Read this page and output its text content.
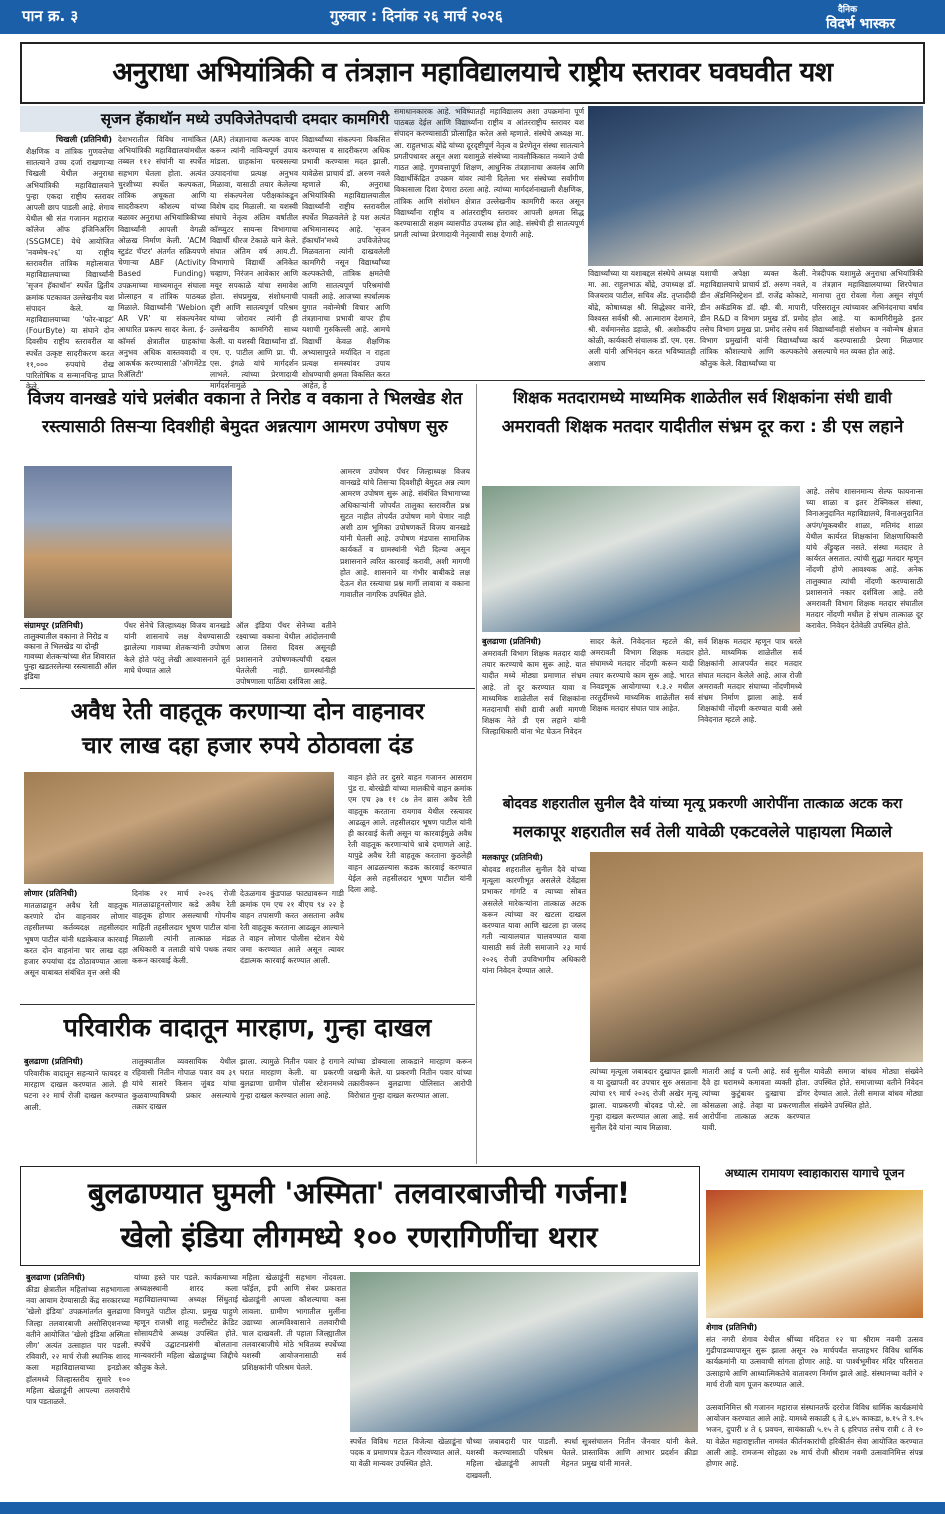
पान क्र. ३	गुरुवार : दिनांक २६ मार्च २०२६	दैनिक
विदर्भ भास्कर
अनुराधा अभियांत्रिकी व तंत्रज्ञान महाविद्यालयाचे राष्ट्रीय स्तरावर घवघवीत यश
सृजन हॅकाथॉन मध्ये उपविजेतेपदाची दमदार कामगिरी
चिखली (प्रतिनिधी)
शैक्षणिक व तांत्रिक गुणवत्तेचा सातत्याने उच्च दर्जा राखणाऱ्या चिखली येथील अनुराधा अभियांत्रिकी महाविद्यालयाने पुन्हा एकदा राष्ट्रीय स्तरावर आपली छाप पाडली आहे. शेगाव येथील श्री संत गजानन महाराज कॉलेज ऑफ इंजिनिअरिंग (SSGMCE) येथे आयोजित 'नवम्मेष-२६' या राष्ट्रीय स्तरावरील तांत्रिक महोत्सवात महाविद्यालयाच्या विद्यार्थ्यांनी 'सृजन हॅकाथॉन' स्पर्धेत द्वितीय क्रमांक पटकावत उल्लेखनीय यश संपादन केले. या महाविद्यालयाच्या 'फोर-बाइट' (FourByte) या संघाने दोन दिवसीय राष्ट्रीय स्तरावरील या स्पर्धेत उत्कृष्ट सादरीकरण करत ११,००० रुपयांचे रोख पारितोषिक व सन्मानचिन्ह प्राप्त केले.
देशभरातील विविध नामांकित अभियांत्रिकी महाविद्यालयांमधील तब्बल ११२ संघांनी या स्पर्धेत सहभाग घेतला होता. अत्यंत चुरशीच्या स्पर्धेत कल्पकता, तांत्रिक अचूकता आणि सादरीकरण कौशल्य यांच्या बळावर अनुराधा अभियांत्रिकीच्या विद्यार्थ्यांनी आपली वेगळी ओळख निर्माण केली. 'ACM स्टुडंट चॅप्टर' अंतर्गत सक्रियपणे चेणाऱ्या ABF (Activity Based Funding) उपक्रमाच्या माध्यमातून संघाला प्रोत्साहन व तांत्रिक पाठबळ मिळाले. विद्यार्थ्यांनी 'Webion AR VR' या संकल्पनेवर आधारित प्रकल्प सादर केला. ई-कॉमर्स क्षेत्रातील ग्राहकांचा अनुभव अधिक वास्तववादी व आकर्षक करण्यासाठी 'ऑगमेंटेड रिॲलिटी'
(AR) तंत्रज्ञानाचा कल्पक वापर करून त्यांनी नाविन्यपूर्ण उपाय मांडला. ग्राहकांना घरबसल्या उत्पादनांचा प्रत्यक्ष अनुभव मिळावा, यासाठी तयार केलेल्या या संकल्पनेला परीक्षकांकडून विशेष दाद मिळाली. या यशस्वी संघाचे नेतृत्व अंतिम वर्षातील कॉम्प्युटर सायन्स विभागाचा विद्यार्थी धीरज टेकाळे याने केले. संघात अंतिम वर्ष आय.टी. विभागाचे विद्यार्थी अनिकेत चव्हाण, निरंजन आवेकार आणि मयूर सपकाळे यांचा समावेश होता. संघप्रमुख, संशोधनाची दृष्टी आणि सातत्यपूर्ण परिश्रम यांच्या जोरावर त्यांनी ही उल्लेखनीय कामगिरी साध्य केली. या यशस्वी विद्यार्थ्यांना डॉ. एम. ए. पाटील आणि प्रा. पी. एस. इंगळे यांचे मार्गदर्शन लाभले. त्यांच्या प्रेरणादायी मार्गदर्शनामुळे
विद्यार्थ्यांच्या संकल्पना विकसित करण्यास व सादरीकरण अधिक प्रभावी करण्यास मदत झाली. यावेळेस प्राचार्य डॉ. अरुण नवले म्हणाले की, अनुराधा अभियांत्रिकी महाविद्यालयातील विद्यार्थ्यांनी राष्ट्रीय स्तरावरील स्पर्धेत मिळवलेले हे यश अत्यंत अभिमानास्पद आहे. 'सृजन हॅकाथॉन'मध्ये उपविजेतेपद मिळवताना त्यांनी दाखवलेली कामगिरी नसून विद्यार्थ्यांच्या कल्पकतेची, तांत्रिक क्षमतेची आणि सातत्यपूर्ण परिश्रमांची पावती आहे. आजच्या स्पर्धात्मक युगात नवोन्मेषी विचार आणि तंत्रज्ञानाचा प्रभावी वापर हीच यशाची गुरुकिल्ली आहे. आमचे विद्यार्थी केवळ शैक्षणिक अभ्यासापुरते मर्यादित न राहता प्रत्यक्ष समस्यांवर उपाय शोधण्याची क्षमता विकसित करत आहेत, हे
समाधानकारक आहे. भविष्यातही महाविद्यालय अशा उपक्रमांना पूर्ण पाठबळ देईल आणि विद्यार्थ्यांना राष्ट्रीय व आंतरराष्ट्रीय स्तरावर यश संपादन करण्यासाठी प्रोत्साहित करेल असे म्हणाले. संस्थेचे अध्यक्ष मा. आ. राहुलभाऊ बोंद्रे यांच्या दूरदृष्टीपूर्ण नेतृत्व व प्रेरणेतून संस्था सातत्याने प्रगतीपथावर असून अशा यशामुळे संस्थेच्या नावलौकिकात नव्याने उंची गाठत आहे. गुणवत्तापूर्ण शिक्षण, आधुनिक तंत्रज्ञानाचा अवलंब आणि विद्यार्थीकेंद्रित उपक्रम यांवर त्यांनी दिलेला भर संस्थेच्या सर्वांगीण विकासाला दिशा देणारा ठरला आहे. त्यांच्या मार्गदर्शनाखाली शैक्षणिक, तांत्रिक आणि संशोधन क्षेत्रात उल्लेखनीय कामगिरी करत असून विद्यार्थ्यांना राष्ट्रीय व आंतरराष्ट्रीय स्तरावर आपली क्षमता सिद्ध करण्यासाठी सक्षम व्यासपीठ उपलब्ध होत आहे. संस्थेची ही सातत्यपूर्ण प्रगती त्यांच्या प्रेरणादायी नेतृत्वाची साक्ष देणारी आहे.
विद्यार्थ्यांच्या या यशाबद्दल संस्थेचे अध्यक्ष मा. आ. राहुलभाऊ बोंद्रे, उपाध्यक्ष डॉ. विजयराव पाटील, सचिव अँड. तृप्तादीदी बोंद्रे, कोषाध्यक्ष श्री. सिद्धेश्वर वानेरे, विश्वस्त सर्वश्री श्री. आत्माराम देशमाने, श्री. वर्धमानसेठ डहाळे, श्री. अशोकदीप कोळी, कार्यकारी संचालक डॉ. एम. एस. अली यांनी अभिनंदन करत भविष्यातही अशाच
यशाची अपेक्षा व्यक्त केली. महाविद्यालयाचे प्राचार्य डॉ. अरुण नवले, डीन ॲडमिनिस्ट्रेशन डॉ. राजेंद्र कोकाटे, डीन अकॅडमिक डॉ. व्ही. बी. मापारी, डीन R&D व विभाग प्रमुख डॉ. प्रमोद तसेच विभाग प्रमुख प्रा. प्रमोद तसेच सर्व विभाग प्रमुखांनी यांनी विद्यार्थ्यांच्या तांत्रिक कौशल्याचे आणि कल्पकतेचे कौतुक केले. विद्यार्थ्यांच्या या
नेत्रदीपक यशामुळे अनुराधा अभियांत्रिकी व तंत्रज्ञान महाविद्यालयाच्या शिरपेचात मानाचा तुरा रोवला गेला असून संपूर्ण परिसरातून त्यांच्यावर अभिनंदनाचा वर्षाव होत आहे. या कामगिरीमुळे इतर विद्यार्थ्यांनाही संशोधन व नवोन्मेष क्षेत्रात कार्य करण्यासाठी प्रेरणा मिळणार असल्याचे मत व्यक्त होत आहे.
विजय वानखडे यांचे प्रलंबीत वकाना ते निरोड व वकाना ते भिलखेड शेत
रस्त्यासाठी तिसऱ्या दिवशीही बेमुदत अन्नत्याग आमरण उपोषण सुरु
संग्रामपूर (प्रतिनिधी)
तालुक्यातील वकाना ते निरोड व वकाना ते भिलखेड या दोन्ही गावच्या शेतकऱ्यांच्या शेत शिवारात पुन्हा खडतरलेल्या रस्त्यासाठी ऑल इंडिया
पँथर सेनेचे जिल्हाध्यक्ष विजय वानखडे यांनी शासनाचे लक्ष वेधण्यासाठी झालेल्या गावच्या शेतकऱ्यांनी उपोषण केले होते परंतु लेखी आश्वासनाने तूर्त माघे घेण्यात आले
ऑल इंडिया पँथर सेनेच्या वतीने रक्ष्याच्या वकाना येथील आंदोलनाची आज तिसरा दिवस असूनही प्रशासनाने उपोषणकर्त्यांची दखल घेतलेली नाही. ग्रामस्थांनीही उपोषणाला पाठिंबा दर्शविला आहे.
आमरण उपोषण पँथर जिल्हाध्यक्ष विजय वानखडे यांचे तिसऱ्या दिवशीही बेमुदत अन्न त्याग आमरण उपोषण सुरू आहे. संबंधित विभागाच्या अधिकाऱ्यांनी जोपर्यंत तालुका स्तरावरील प्रश्न सुटत नाहीत तोपर्यंत उपोषण मागे घेणार नाही अशी ठाम भूमिका उपोषणकर्ते विजय वानखडे यांनी घेतली आहे. उपोषण मंडपास सामाजिक कार्यकर्ते व ग्रामस्थांनी भेटी दिल्या असून प्रशासनाने त्वरित कारवाई करावी, अशी मागणी होत आहे. शासनाने या गंभीर बाबीकडे लक्ष देऊन शेत रस्त्याचा प्रश्न मार्गी लावावा व वकाना गावातील नागरिक उपस्थित होते.
अवैध रेती वाहतूक करणाऱ्या दोन वाहनावर
चार लाख दहा हजार रुपये ठोठावला दंड
लोणार (प्रतिनिधी)
मातळाढाहून अवैध रेती वाहतूक करणारे दोन वाहनावर लोणार तहसीलच्या कर्तव्यदक्ष तहसीलदार भूषण पाटील यांनी धडाकेबाज कारवाई करत दोन वाहनांना चार लाख दहा हजार रुपयांचा दंड ठोठावण्यात आला असून याबाबत संबंधित वृत्त असे की
दिनांक २१ मार्च २०२६ रोजी मातळाढाहूनलोणार कडे अवैध रेती वाहतूक होणार असल्याची गोपनीय माहिती तहसीलदार भूषण पाटील यांना मिळाली त्यांनी तात्काळ मंडळ अधिकारी व तलाठी यांचे पथक तयार करून कारवाई केली.
देऊळगाव कुंडपाळ फाट्यावरून गाडी क्रमांक एम एच २१ बीएच ९४ २२ हे वाहन तपासणी करत असताना अवैध रेती वाहतूक करताना आढळून आल्याने ते वाहन लोणार पोलीस स्टेशन येथे जमा करण्यात आले असून त्यावर दंडात्मक कारवाई करण्यात आली.
वाहन होते तर दुसरे वाहन गजानन आसराम पुंड रा. बोरखेडी यांच्या मालकीचे वाहन क्रमांक एम एच ३७ ११ ८७ तेन ब्रास अवैध रेती वाहतूक करताना रायगाव येथील रस्त्यावर आढळून आले. तहसीलदार भूषण पाटील यांनी ही कारवाई केली असून या कारवाईमुळे अवैध रेती वाहतूक करणाऱ्यांचे धाबे दणाणले आहे. यापुढे अवैध रेती वाहतूक करताना कुठलेही वाहन आढळल्यास कडक कारवाई करण्यात येईल असे तहसीलदार भूषण पाटील यांनी दिला आहे.
परिवारीक वादातून मारहाण, गुन्हा दाखल
बुलढाणा (प्रतिनिधी)
परिवारीक वादातून सहन्याने फायदर व मारहाण दाखल करण्यात आले. ही घटना २२ मार्च रोजी दाखल करण्यात आली.
तालुक्यातील व्यवसायिक येथील रहिवासी नितीन गोपाळ पवार वय ३९ यांचे सासरे किसन जुंबड यांचा कुळवाण्याविषयी प्रकार असल्याचे तक्रार दाखल
झाला. त्यामुळे नितीन पवार हे रागाने घरात मारहाण केली. या प्रकरणी बुलढाणा ग्रामीण पोलीस स्टेशनमध्ये गुन्हा दाखल करण्यात आला आहे.
त्यांच्या डोक्याला लाकडाने मारहाण करून जखमी केले. या प्रकरणी नितीन पवार यांच्या तक्रारीवरून बुलढाणा पोलिसात आरोपी विरोधात गुन्हा दाखल करण्यात आला.
शिक्षक मतदारामध्ये माध्यमिक शाळेतील सर्व शिक्षकांना संधी द्यावी
अमरावती शिक्षक मतदार यादीतील संभ्रम दूर करा : डी एस लहाने
बुलढाणा (प्रतिनिधी)
अमरावती विभाग शिक्षक मतदार यादी तयार करण्याचे काम सुरू आहे. यात यादीत मध्ये मोठ्या प्रमाणात संभ्रम आहे. तो दूर करण्यात यावा व माध्यमिक शाळेतील सर्व शिक्षकांना मतदानाची संधी द्यावी अशी मागणी शिक्षक नेते डी एस लहाने यांनी जिल्हाधिकारी यांना भेट घेऊन निवेदन
सादर केले. निवेदनात म्हटले की, अमरावती विभाग शिक्षक मतदार संघामध्ये मतदार नोंदणी करून यादी तयार करण्याचे काम सुरू आहे. भारत निवडणूक आयोगाच्या १.३.२ मधील तरतुदींमध्ये माध्यमिक शाळेतील सर्व शिक्षक मतदार संघात पात्र आहेत.
सर्व शिक्षक मतदार म्हणून पात्र धरले होते. माध्यमिक शाळेतील सर्व शिक्षकांनी आजपर्यंत सदर मतदार संघात मतदान केलेले आहे. आज रोजी अमरावती मतदार संघाच्या नोंदणीमध्ये संभ्रम निर्माण झाला आहे. सर्व शिक्षकांची नोंदणी करण्यात यावी असे निवेदनात म्हटले आहे.
आहे. तसेच शासनमान्य सेल्फ फायनान्स च्या शाळा व इतर टेक्निकल संस्था, विनाअनुदानित महाविद्यालये, विनाअनुदानित अपंग/मूकबधीर शाळा, मतिमंद शाळा येथील कार्यरत शिक्षकांना शिक्षणाधिकारी यांचे अँड्रुव्हल नसते. संस्था मतदार ते कार्यरत असतात. त्यांची सुद्धा मतदार म्हणून नोंदणी होणे आवश्यक आहे. अनेक तालुक्यात त्यांची नोंदणी करण्यासाठी प्रशासनाने नकार दर्शविला आहे. तरी अमरावती विभाग शिक्षक मतदार संघातील मतदार नोंदणी मधील हे संभ्रम तात्काळ दूर करावेत. निवेदन देतेवेळी उपस्थित होते.
बोदवड शहरातील सुनील दैवे यांच्या मृत्यू प्रकरणी आरोपींना तात्काळ अटक करा
मलकापूर शहरातील सर्व तेली यावेळी एकटवलेले पाहायला मिळाले
मलकापूर (प्रतिनिधी)
बोदवड शहरातील सुनील दैवे यांच्या मृत्यूला कारणीभूत असलेले देवेंद्रास प्रभाकर गांगटि व त्याच्या सोबत असलेले मारेकऱ्यांना तात्काळ अटक करून त्यांच्या वर खटला दाखल करण्यात यावा आणि खटला हा जलद गती न्यायालयात चालवण्यात यावा यासाठी सर्व तेली समाजाने २३ मार्च २०२६ रोजी उपविभागीय अधिकारी यांना निवेदन देण्यात आले.
त्यांच्या मृत्यूला जबाबदार दुखापत झाली व या दुखापती वर उपचार सुरु असताना त्यांचा १९ मार्च २०२६ रोजी अखेर मृत्यू झाला. याप्रकरणी बोदवड पो.स्टे. ला गुन्हा दाखल करण्यात आला आहे. सर्व सुनील दैवे यांना न्याय मिळावा.
मातारी आई व पत्नी आहे. सर्व सुनील दैवे हा घरामध्ये कमावता व्यक्ती होता. त्यांच्या कुटुंबावर दुःखाचा डोंगर कोसळला आहे. तेव्हा या प्रकरणातील आरोपींना तात्काळ अटक करण्यात यावी.
यावेळी समाज बांधव मोठ्या संख्येने उपस्थित होते. समाजाच्या वतीने निवेदन देण्यात आले. तेली समाज बांधव मोठ्या संख्येने उपस्थित होते.
बुलढाण्यात घुमली 'अस्मिता' तलवारबाजीची गर्जना!
खेलो इंडिया लीगमध्ये १०० रणरागिणींचा थरार
बुलढाणा (प्रतिनिधी)
क्रीडा क्षेत्रातील महिलांच्या सहभागाला नवा आयाम देण्यासाठी केंद्र सरकारच्या 'खेलो इंडिया' उपक्रमांतर्गत बुलढाणा जिल्हा तलवारबाजी असोसिएशनच्या वतीने आयोजित 'खेलो इंडिया अस्मिता लीग' अत्यंत उत्साहात पार पडली. रविवारी, २२ मार्च रोजी स्थानिक शारद कला महाविद्यालयाच्या इनडोअर हॉलमध्ये जिल्हास्तरीय सुमारे १०० महिला खेळाडूंनी आपल्या तलवारीचे पात्र पडताळले.
यांच्या हस्ते पार पडले. कार्यक्रमाच्या अध्यक्षस्थानी शारद कला महाविद्यालयाच्या अध्यक्ष सिंधुताई विणपुते पाटील होत्या. प्रमुख पाहुणे म्हणून राजश्री शाहू मल्टीस्टेट क्रेडिट सोसायटीचे अध्यक्ष उपस्थित होते. स्पर्धेचे उद्घाटनप्रसंगी बोलताना मान्यवरांनी महिला खेळाडूंच्या जिद्दीचे कौतुक केले.
महिला खेळाडूंनी सहभाग नोंदवला. फॉईल, इपी आणि सेबर प्रकारात खेळाडूंनी आपला कौशल्याचा कस लावला. ग्रामीण भागातील मुलींना उद्याच्या आत्मविश्वासाने तलवारीची चाल दाखवली. ती पहाता जिल्ह्यातील तलवारबाजीचे मोठे भवितव्य स्पर्धेच्या यशस्वी आयोजनासाठी सर्व प्रशिक्षकांनी परिश्रम घेतले.
स्पर्धेत विविध गटात विजेत्या खेळाडूंना पदक व प्रमाणपत्र देऊन गौरवण्यात आले. या वेळी मान्यवर उपस्थित होते.
चौथ्या जबाबदारी पार पाडली. स्पर्धा यशस्वी करण्यासाठी परिश्रम घेतले. महिला खेळाडूंनी आपली मेहनत दाखवली.
सूत्रसंचालन नितीन जैनवार यांनी केले. प्रास्ताविक आणि आभार प्रदर्शन क्रीडा प्रमुख यांनी मानले.
अध्यात्म रामायण स्वाहाकारास यागाचे पूजन
शेगाव (प्रतिनिधी)
संत नगरी शेगाव येथील श्रींच्या मंदिरात १२ चा श्रीराम नवमी उत्सव गुढीपाडव्यापासून सुरू झाला असून २७ मार्चपर्यंत सप्ताहभर विविध धार्मिक कार्यक्रमांनी या उत्सवाची सांगता होणार आहे. या पार्श्वभूमीवर मंदिर परिसरात उत्साहाचे आणि आध्यात्मिकतेचे वातावरण निर्माण झाले आहे. संस्थानच्या वतीने २ मार्च रोजी याग पूजन करण्यात आले.
उत्सवानिमित्त श्री गजानन महाराज संस्थानतर्फे दररोज विविध धार्मिक कार्यक्रमांचे आयोजन करण्यात आले आहे. यामध्ये सकाळी ६ ते ६.४५ काकडा, ७.१५ ते ९.१५ भजन, दुपारी ४ ते ६ प्रवचन, सायंकाळी ५.१५ ते ६ हरिपाठ तसेच रात्री ८ ते १० या वेळेत महाराष्ट्रातील नामवंत कीर्तनकारांची हरिकीर्तन सेवा आयोजित करण्यात आली आहे. रामजन्म सोहळा २७ मार्च रोजी श्रीराम नवमी उत्सवानिमित्त संपन्न होणार आहे.
